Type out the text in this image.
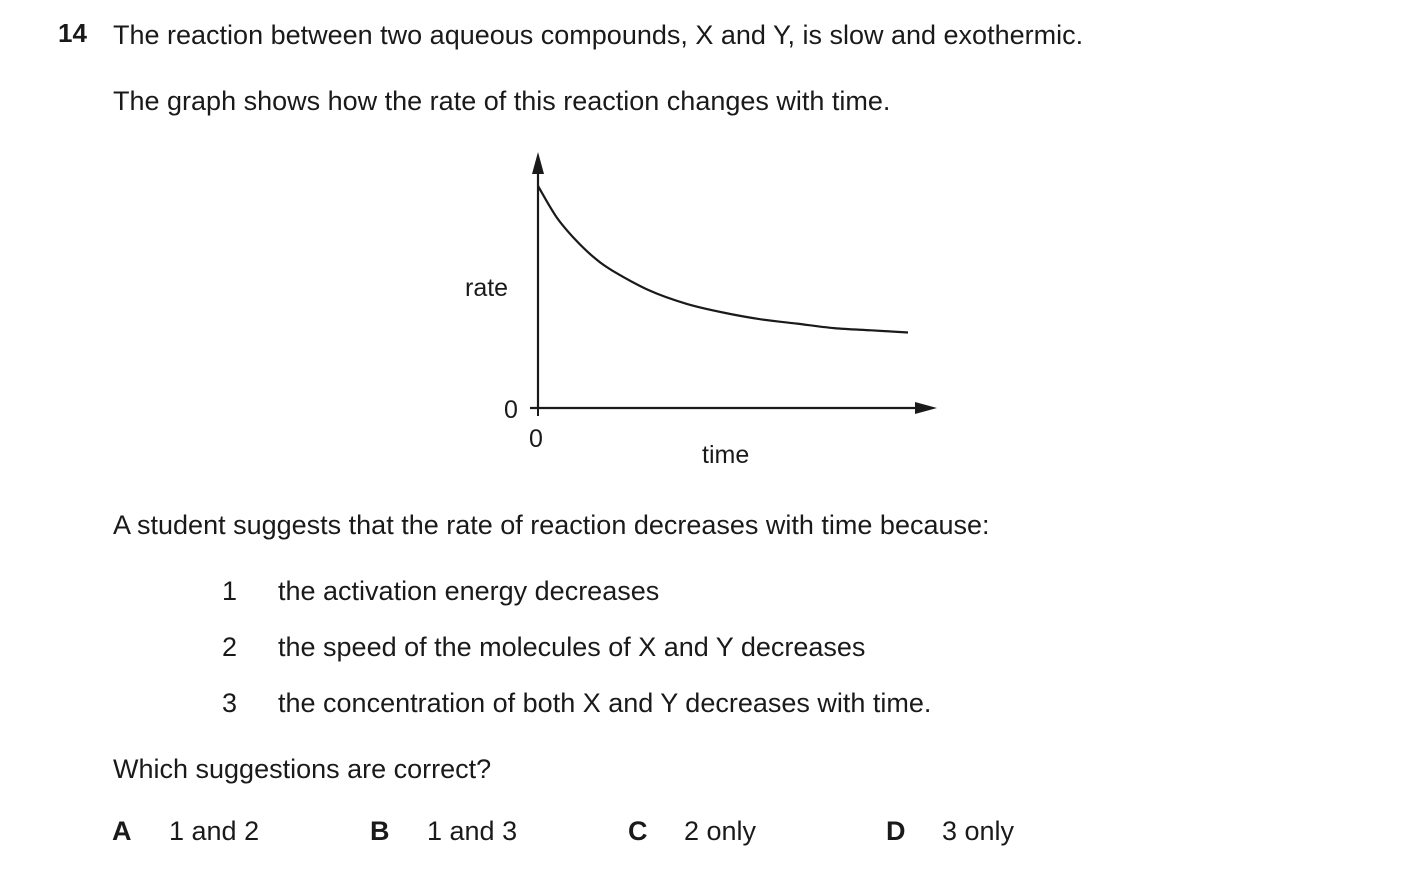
14 The reaction between two aqueous compounds, X and Y, is slow and exothermic.
The graph shows how the rate of this reaction changes with time.
rate
time
0
0
A student suggests that the rate of reaction decreases with time because:
1 the activation energy decreases
2 the speed of the molecules of X and Y decreases
3 the concentration of both X and Y decreases with time.
Which suggestions are correct?
A 1 and 2	B 1 and 3	C 2 only	D 3 only
